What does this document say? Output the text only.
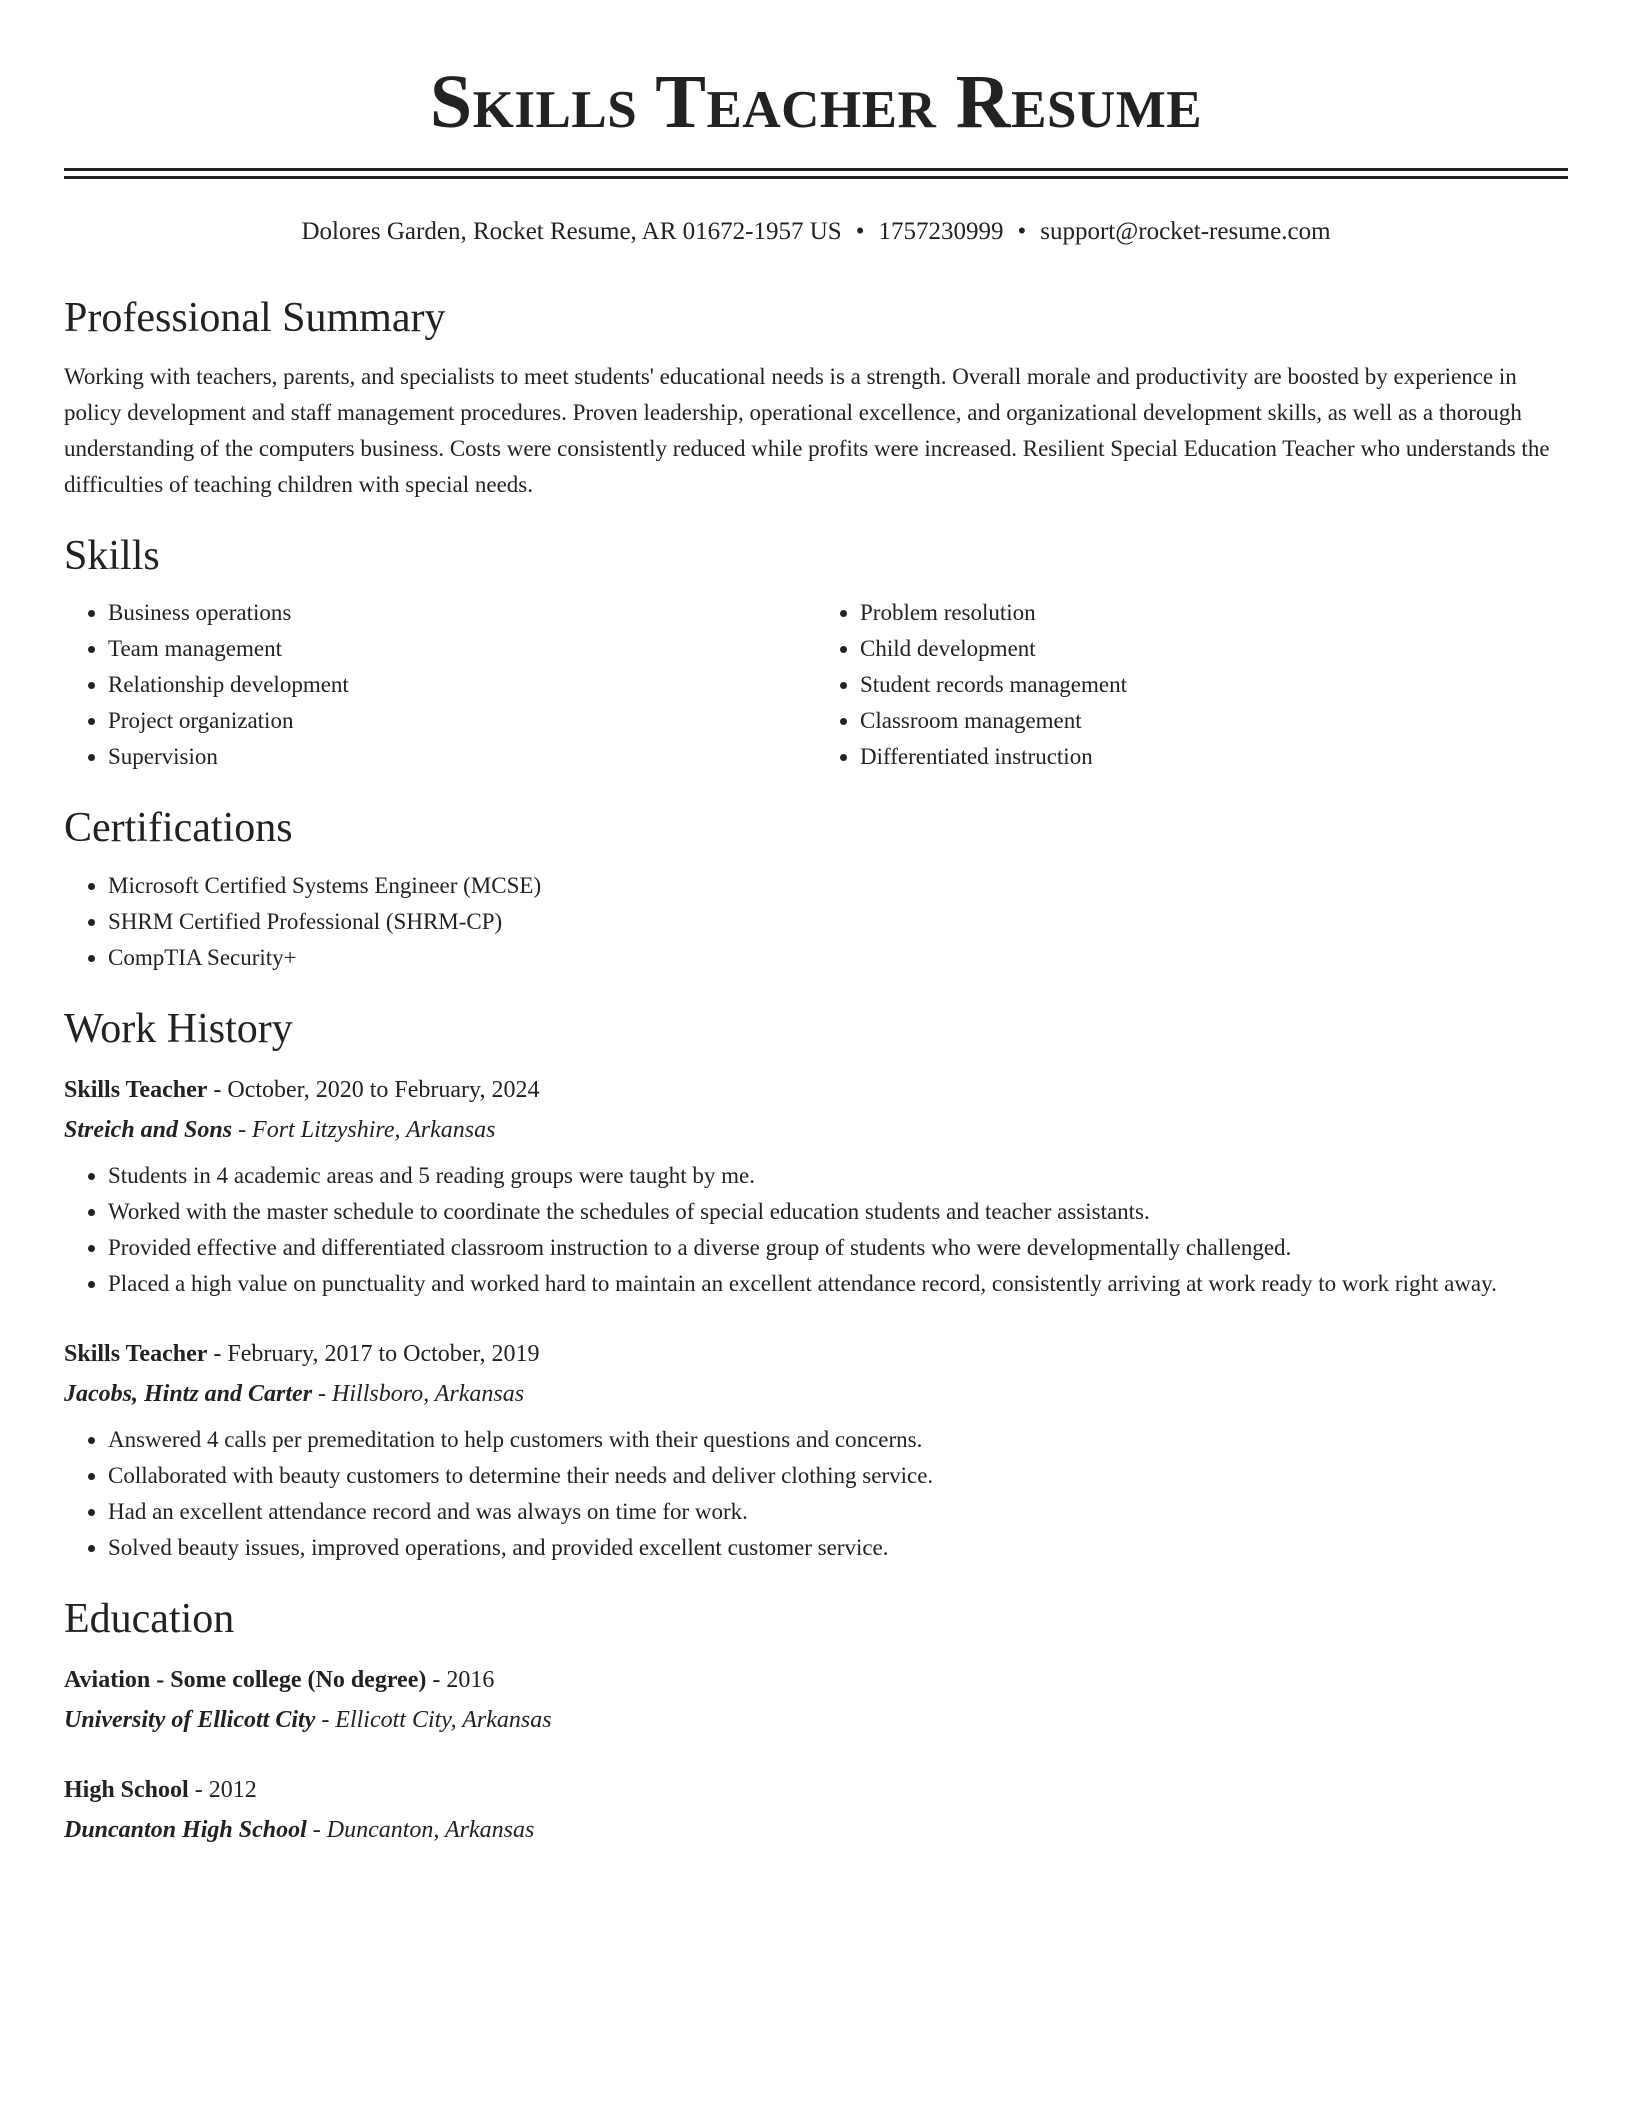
Skills Teacher Resume
Dolores Garden, Rocket Resume, AR 01672-1957 US • 1757230999 • support@rocket-resume.com
Professional Summary

Working with teachers, parents, and specialists to meet students' educational needs is a strength. Overall morale and productivity are boosted by experience in policy development and staff management procedures. Proven leadership, operational excellence, and organizational development skills, as well as a thorough understanding of the computers business. Costs were consistently reduced while profits were increased. Resilient Special Education Teacher who understands the difficulties of teaching children with special needs.

Skills
• Business operations
• Team management
• Relationship development
• Project organization
• Supervision
• Problem resolution
• Child development
• Student records management
• Classroom management
• Differentiated instruction
Certifications
• Microsoft Certified Systems Engineer (MCSE)
• SHRM Certified Professional (SHRM-CP)
• CompTIA Security+
Work History
Skills Teacher - October, 2020 to February, 2024
Streich and Sons - Fort Litzyshire, Arkansas
• Students in 4 academic areas and 5 reading groups were taught by me.
• Worked with the master schedule to coordinate the schedules of special education students and teacher assistants.
• Provided effective and differentiated classroom instruction to a diverse group of students who were developmentally challenged.
• Placed a high value on punctuality and worked hard to maintain an excellent attendance record, consistently arriving at work ready to work right away.
Skills Teacher - February, 2017 to October, 2019
Jacobs, Hintz and Carter - Hillsboro, Arkansas
• Answered 4 calls per premeditation to help customers with their questions and concerns.
• Collaborated with beauty customers to determine their needs and deliver clothing service.
• Had an excellent attendance record and was always on time for work.
• Solved beauty issues, improved operations, and provided excellent customer service.
Education
Aviation - Some college (No degree) - 2016
University of Ellicott City - Ellicott City, Arkansas
High School - 2012
Duncanton High School - Duncanton, Arkansas
